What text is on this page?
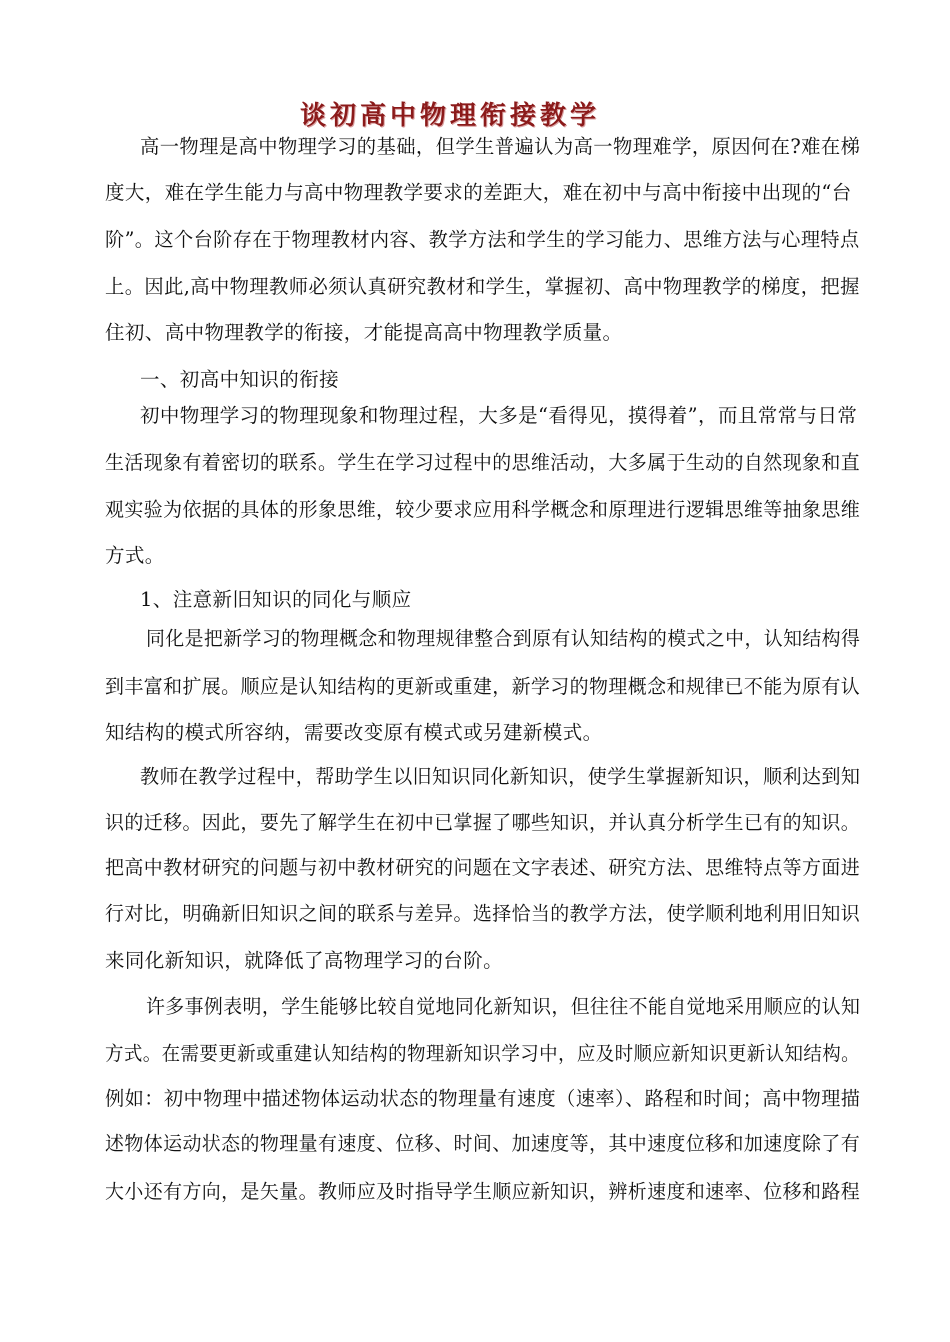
谈初高中物理衔接教学
高一物理是高中物理学习的基础，但学生普遍认为高一物理难学，原因何在?难在梯
度大，难在学生能力与高中物理教学要求的差距大，难在初中与高中衔接中出现的“台
阶”。这个台阶存在于物理教材内容、教学方法和学生的学习能力、思维方法与心理特点
上。因此,高中物理教师必须认真研究教材和学生，掌握初、高中物理教学的梯度，把握
住初、高中物理教学的衔接，才能提高高中物理教学质量。
一、初高中知识的衔接
初中物理学习的物理现象和物理过程，大多是“看得见，摸得着”，而且常常与日常
生活现象有着密切的联系。学生在学习过程中的思维活动，大多属于生动的自然现象和直
观实验为依据的具体的形象思维，较少要求应用科学概念和原理进行逻辑思维等抽象思维
方式。
1、注意新旧知识的同化与顺应
同化是把新学习的物理概念和物理规律整合到原有认知结构的模式之中，认知结构得
到丰富和扩展。顺应是认知结构的更新或重建，新学习的物理概念和规律已不能为原有认
知结构的模式所容纳，需要改变原有模式或另建新模式。
教师在教学过程中，帮助学生以旧知识同化新知识，使学生掌握新知识，顺利达到知
识的迁移。因此，要先了解学生在初中已掌握了哪些知识，并认真分析学生已有的知识。
把高中教材研究的问题与初中教材研究的问题在文字表述、研究方法、思维特点等方面进
行对比，明确新旧知识之间的联系与差异。选择恰当的教学方法，使学顺利地利用旧知识
来同化新知识，就降低了高物理学习的台阶。
许多事例表明，学生能够比较自觉地同化新知识，但往往不能自觉地采用顺应的认知
方式。在需要更新或重建认知结构的物理新知识学习中，应及时顺应新知识更新认知结构。
例如：初中物理中描述物体运动状态的物理量有速度（速率）、路程和时间；高中物理描
述物体运动状态的物理量有速度、位移、时间、加速度等，其中速度位移和加速度除了有
大小还有方向，是矢量。教师应及时指导学生顺应新知识，辨析速度和速率、位移和路程
